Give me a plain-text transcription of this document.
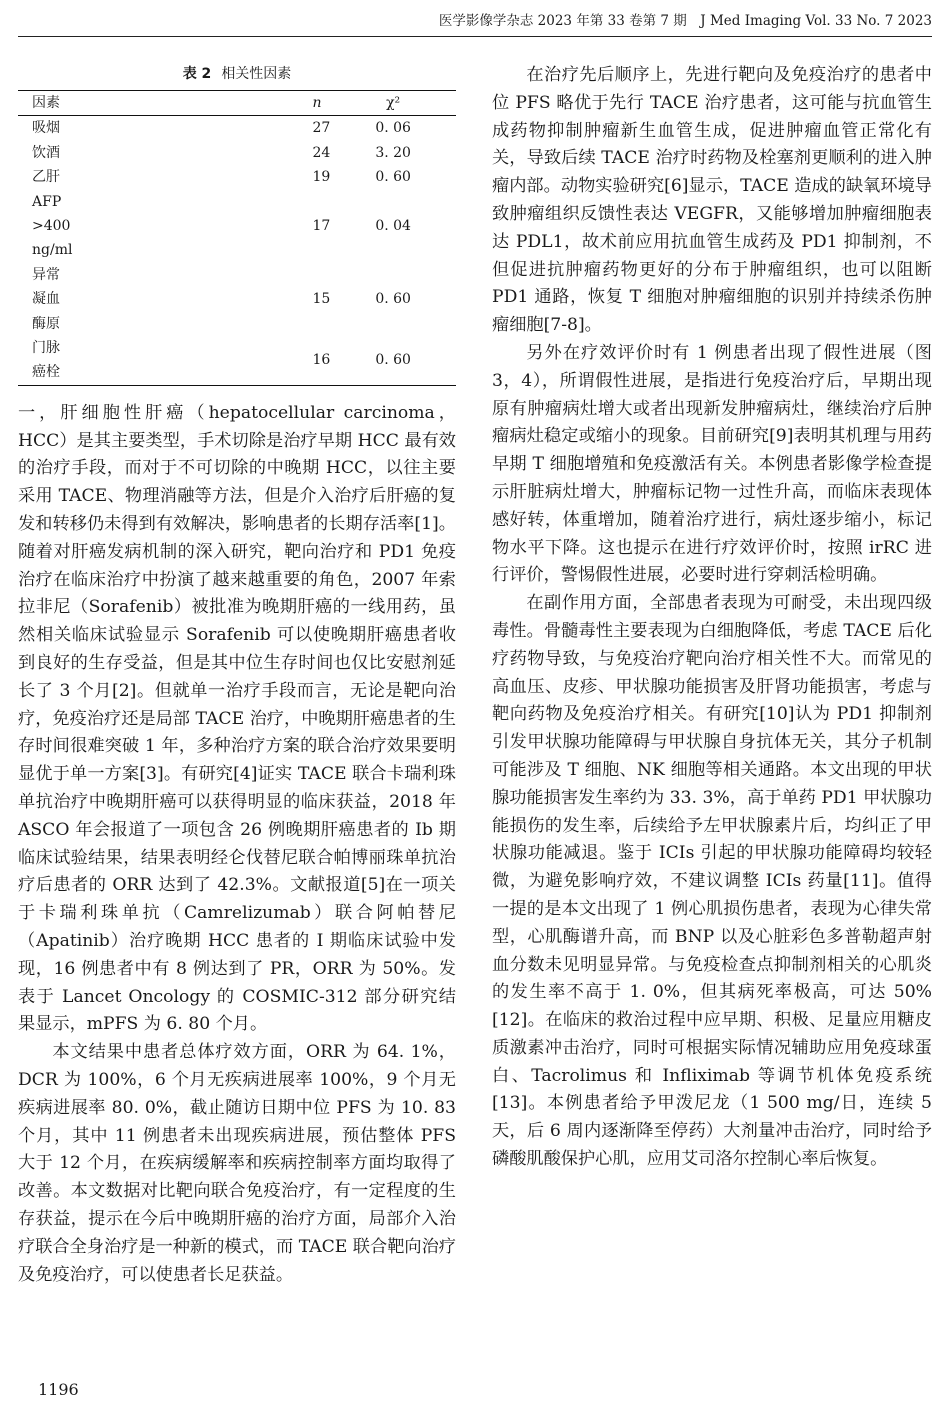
医学影像学杂志 2023 年第 33 卷第 7 期　J Med Imaging Vol. 33 No. 7 2023
表 2 相关性因素
因素	n	χ²
吸烟	27	0. 06
饮酒	24	3. 20
乙肝	19	0. 60
AFP >400 ng/ml	17	0. 04
异常凝血酶原	15	0. 60
门脉癌栓	16	0. 60

一，肝细胞性肝癌（hepatocellular carcinoma，HCC）是其主要类型，手术切除是治疗早期 HCC 最有效的治疗手段，而对于不可切除的中晚期 HCC，以往主要采用 TACE、物理消融等方法，但是介入治疗后肝癌的复发和转移仍未得到有效解决，影响患者的长期存活率[1]。随着对肝癌发病机制的深入研究，靶向治疗和 PD1 免疫治疗在临床治疗中扮演了越来越重要的角色，2007 年索拉非尼（Sorafenib）被批准为晚期肝癌的一线用药，虽然相关临床试验显示 Sorafenib 可以使晚期肝癌患者收到良好的生存受益，但是其中位生存时间也仅比安慰剂延长了 3 个月[2]。但就单一治疗手段而言，无论是靶向治疗，免疫治疗还是局部 TACE 治疗，中晚期肝癌患者的生存时间很难突破 1 年，多种治疗方案的联合治疗效果要明显优于单一方案[3]。有研究[4]证实 TACE 联合卡瑞利珠单抗治疗中晚期肝癌可以获得明显的临床获益，2018 年 ASCO 年会报道了一项包含 26 例晚期肝癌患者的 Ib 期临床试验结果，结果表明经仑伐替尼联合帕博丽珠单抗治疗后患者的 ORR 达到了 42.3%。文献报道[5]在一项关于卡瑞利珠单抗（Camrelizumab）联合阿帕替尼（Apatinib）治疗晚期 HCC 患者的 I 期临床试验中发现，16 例患者中有 8 例达到了 PR，ORR 为 50%。发表于 Lancet Oncology 的 COSMIC-312 部分研究结果显示，mPFS 为 6. 80 个月。

本文结果中患者总体疗效方面，ORR 为 64. 1%，DCR 为 100%，6 个月无疾病进展率 100%，9 个月无疾病进展率 80. 0%，截止随访日期中位 PFS 为 10. 83 个月，其中 11 例患者未出现疾病进展，预估整体 PFS 大于 12 个月，在疾病缓解率和疾病控制率方面均取得了改善。本文数据对比靶向联合免疫治疗，有一定程度的生存获益，提示在今后中晚期肝癌的治疗方面，局部介入治疗联合全身治疗是一种新的模式，而 TACE 联合靶向治疗及免疫治疗，可以使患者长足获益。

在治疗先后顺序上，先进行靶向及免疫治疗的患者中位 PFS 略优于先行 TACE 治疗患者，这可能与抗血管生成药物抑制肿瘤新生血管生成，促进肿瘤血管正常化有关，导致后续 TACE 治疗时药物及栓塞剂更顺利的进入肿瘤内部。动物实验研究[6]显示，TACE 造成的缺氧环境导致肿瘤组织反馈性表达 VEGFR，又能够增加肿瘤细胞表达 PDL1，故术前应用抗血管生成药及 PD1 抑制剂，不但促进抗肿瘤药物更好的分布于肿瘤组织，也可以阻断 PD1 通路，恢复 T 细胞对肿瘤细胞的识别并持续杀伤肿瘤细胞[7-8]。

另外在疗效评价时有 1 例患者出现了假性进展（图 3，4），所谓假性进展，是指进行免疫治疗后，早期出现原有肿瘤病灶增大或者出现新发肿瘤病灶，继续治疗后肿瘤病灶稳定或缩小的现象。目前研究[9]表明其机理与用药早期 T 细胞增殖和免疫激活有关。本例患者影像学检查提示肝脏病灶增大，肿瘤标记物一过性升高，而临床表现体感好转，体重增加，随着治疗进行，病灶逐步缩小，标记物水平下降。这也提示在进行疗效评价时，按照 irRC 进行评价，警惕假性进展，必要时进行穿刺活检明确。

在副作用方面，全部患者表现为可耐受，未出现四级毒性。骨髓毒性主要表现为白细胞降低，考虑 TACE 后化疗药物导致，与免疫治疗靶向治疗相关性不大。而常见的高血压、皮疹、甲状腺功能损害及肝肾功能损害，考虑与靶向药物及免疫治疗相关。有研究[10]认为 PD1 抑制剂引发甲状腺功能障碍与甲状腺自身抗体无关，其分子机制可能涉及 T 细胞、NK 细胞等相关通路。本文出现的甲状腺功能损害发生率约为 33. 3%，高于单药 PD1 甲状腺功能损伤的发生率，后续给予左甲状腺素片后，均纠正了甲状腺功能减退。鉴于 ICIs 引起的甲状腺功能障碍均较轻微，为避免影响疗效，不建议调整 ICIs 药量[11]。值得一提的是本文出现了 1 例心肌损伤患者，表现为心律失常型，心肌酶谱升高，而 BNP 以及心脏彩色多普勒超声射血分数未见明显异常。与免疫检查点抑制剂相关的心肌炎的发生率不高于 1. 0%，但其病死率极高，可达 50%[12]。在临床的救治过程中应早期、积极、足量应用糖皮质激素冲击治疗，同时可根据实际情况辅助应用免疫球蛋白、Tacrolimus 和 Infliximab 等调节机体免疫系统[13]。本例患者给予甲泼尼龙（1 500 mg/日，连续 5 天，后 6 周内逐渐降至停药）大剂量冲击治疗，同时给予磷酸肌酸保护心肌，应用艾司洛尔控制心率后恢复。

1196
